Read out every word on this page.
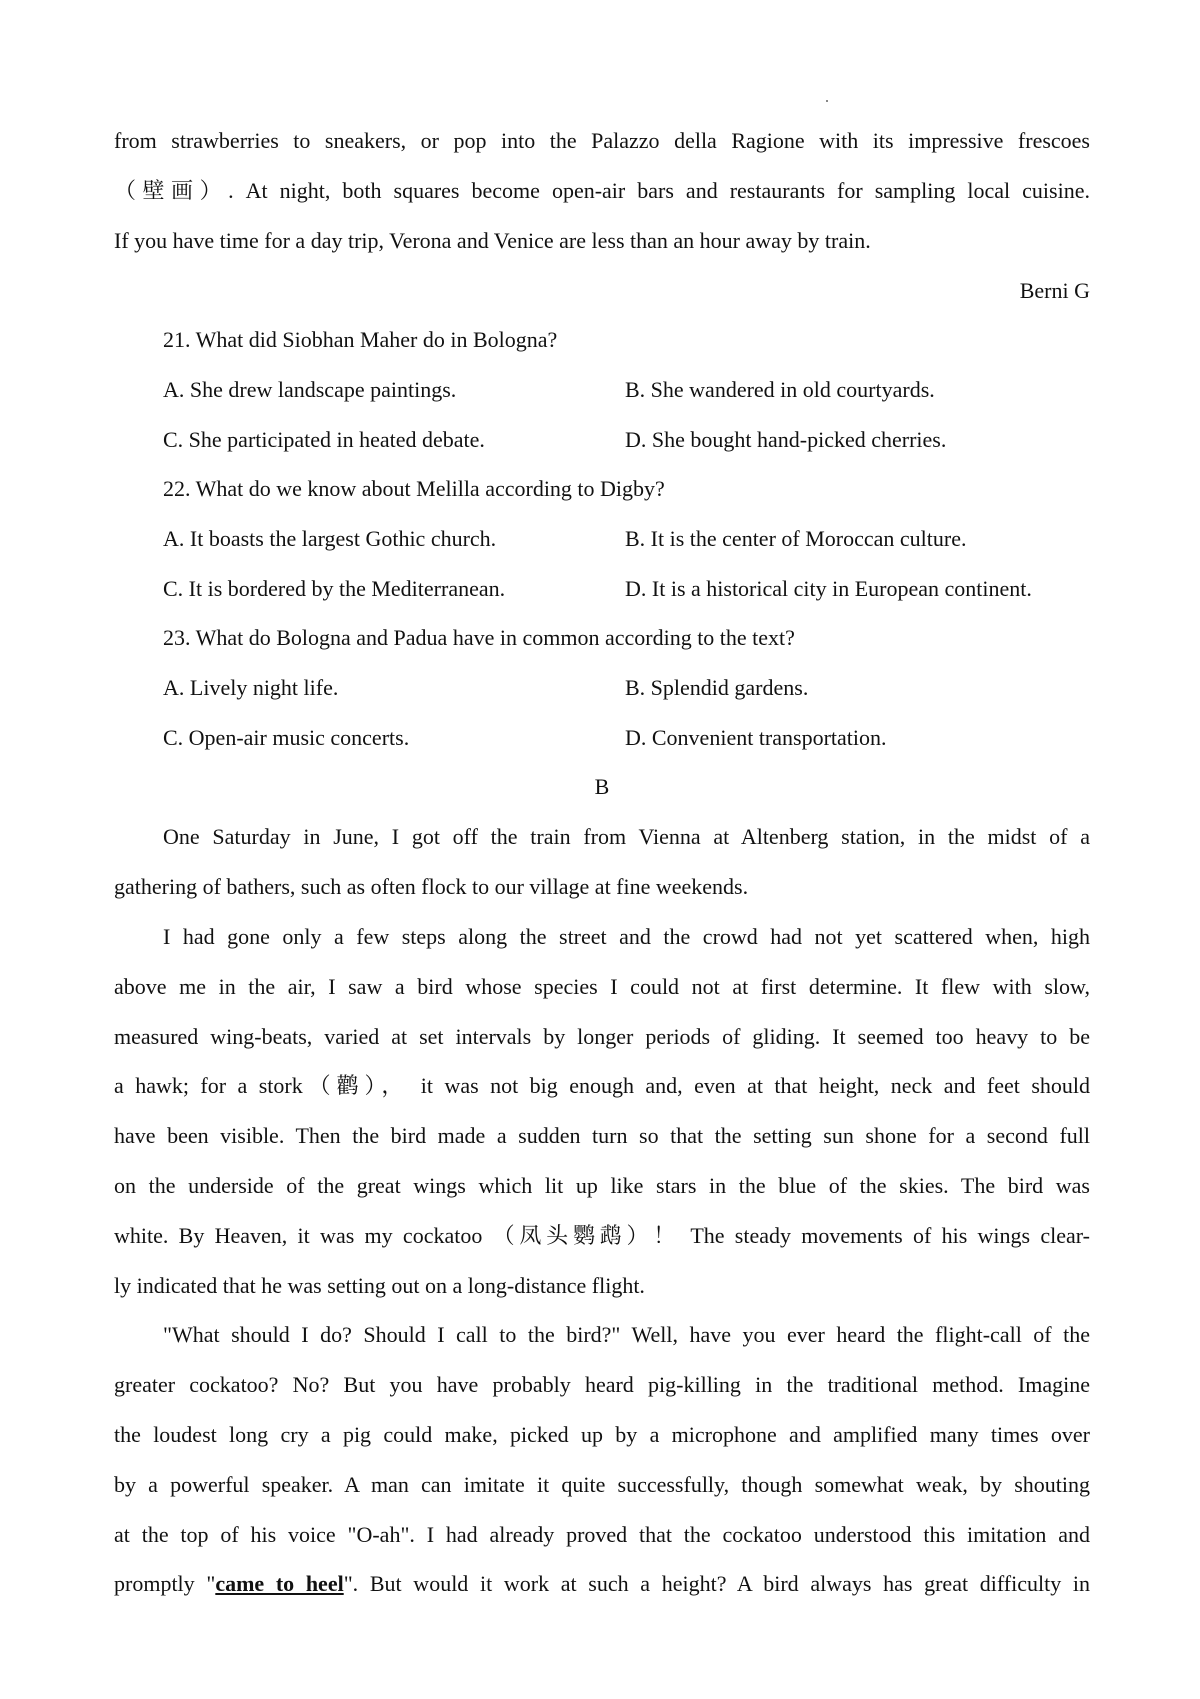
from strawberries to sneakers, or pop into the Palazzo della Ragione with its impressive frescoes
（壁画）. At night, both squares become open-air bars and restaurants for sampling local cuisine.
If you have time for a day trip, Verona and Venice are less than an hour away by train.
Berni G
21. What did Siobhan Maher do in Bologna?
A. She drew landscape paintings.	B. She wandered in old courtyards.
C. She participated in heated debate.	D. She bought hand-picked cherries.
22. What do we know about Melilla according to Digby?
A. It boasts the largest Gothic church.	B. It is the center of Moroccan culture.
C. It is bordered by the Mediterranean.	D. It is a historical city in European continent.
23. What do Bologna and Padua have in common according to the text?
A. Lively night life.	B. Splendid gardens.
C. Open-air music concerts.	D. Convenient transportation.
B
One Saturday in June, I got off the train from Vienna at Altenberg station, in the midst of a
gathering of bathers, such as often flock to our village at fine weekends.
I had gone only a few steps along the street and the crowd had not yet scattered when, high
above me in the air, I saw a bird whose species I could not at first determine. It flew with slow,
measured wing-beats, varied at set intervals by longer periods of gliding. It seemed too heavy to be
a hawk; for a stork（鹳）， it was not big enough and, even at that height, neck and feet should
have been visible. Then the bird made a sudden turn so that the setting sun shone for a second full
on the underside of the great wings which lit up like stars in the blue of the skies. The bird was
white. By Heaven, it was my cockatoo （凤头鹦鹉）！ The steady movements of his wings clear-
ly indicated that he was setting out on a long-distance flight.
"What should I do? Should I call to the bird?" Well, have you ever heard the flight-call of the
greater cockatoo? No? But you have probably heard pig-killing in the traditional method. Imagine
the loudest long cry a pig could make, picked up by a microphone and amplified many times over
by a powerful speaker. A man can imitate it quite successfully, though somewhat weak, by shouting
at the top of his voice "O-ah". I had already proved that the cockatoo understood this imitation and
promptly "came to heel". But would it work at such a height? A bird always has great difficulty in
